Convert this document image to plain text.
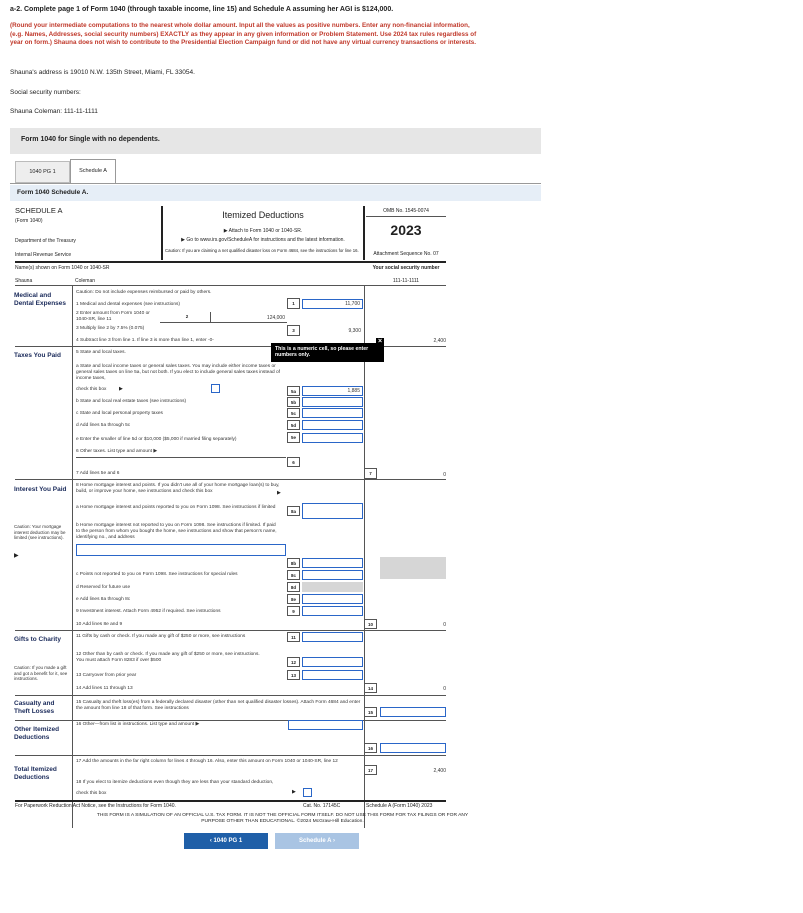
a-2. Complete page 1 of Form 1040 (through taxable income, line 15) and Schedule A assuming her AGI is $124,000.
(Round your intermediate computations to the nearest whole dollar amount. Input all the values as positive numbers. Enter any non-financial information, (e.g. Names, Addresses, social security numbers) EXACTLY as they appear in any given information or Problem Statement. Use 2024 tax rules regardless of year on form.) Shauna does not wish to contribute to the Presidential Election Campaign fund or did not have any virtual currency transactions or interests.
Shauna's address is 19010 N.W. 135th Street, Miami, FL 33054.
Social security numbers:
Shauna Coleman: 111-11-1111
Form 1040 for Single with no dependents.
1040 PG 1	Schedule A
Form 1040 Schedule A.
SCHEDULE A
(Form 1040)
Department of the Treasury
Internal Revenue Service
Itemized Deductions
▶ Attach to Form 1040 or 1040-SR.
▶ Go to www.irs.gov/ScheduleA for instructions and the latest information.
Caution: If you are claiming a net qualified disaster loss on Form 4684, see the instructions for line 16.
OMB No. 1545-0074
2023
Attachment Sequence No. 07
Name(s) shown on Form 1040 or 1040-SR	Your social security number
Shauna	Coleman	111-11-1111
Medical and Dental Expenses
Taxes You Paid
Interest You Paid
Caution: Your mortgage interest deduction may be limited (see instructions).
▶
Gifts to Charity
Caution: If you made a gift and got a benefit for it, see instructions.
Casualty and Theft Losses
Other Itemized Deductions
Total Itemized Deductions
Caution: Do not include expenses reimbursed or paid by others.
1 Medical and dental expenses (see instructions)	1	11,700
2 Enter amount from Form 1040 or 1040-SR, line 11
2	124,000
3 Multiply line 2 by 7.5% (0.075)	3	9,300
4 Subtract line 3 from line 1. If line 3 is more than line 1, enter -0-	2,400
This is a numeric cell, so please enter numbers only.
×
5 State and local taxes.
a State and local income taxes or general sales taxes. You may include either income taxes or general sales taxes on line 5a, but not both. If you elect to include general sales taxes instead of income taxes,
check this box	▶	5a	1,885
b State and local real estate taxes (see instructions)	5b
c State and local personal property taxes	5c
d Add lines 5a through 5c	5d
e Enter the smaller of line 5d or $10,000 ($5,000 if married filing separately)	5e
6 Other taxes. List type and amount ▶
6
7 Add lines 5e and 6	7	0
8 Home mortgage interest and points. If you didn't use all of your home mortgage loan(s) to buy, build, or improve your home, see instructions and check this box	▶
a Home mortgage interest and points reported to you on Form 1098. See instructions if limited
8a
b Home mortgage interest not reported to you on Form 1098. See instructions if limited. If paid to the person from whom you bought the home, see instructions and show that person's name, identifying no., and address
8b
c Points not reported to you on Form 1098. See instructions for special rules	8c
d Reserved for future use	8d
e Add lines 8a through 8c	8e
9 Investment interest. Attach Form 4952 if required. See instructions	9
10 Add lines 8e and 9	10	0
11 Gifts by cash or check. If you made any gift of $250 or more, see instructions	11
12 Other than by cash or check. If you made any gift of $250 or more, see instructions. You must attach Form 8283 if over $500	12
13 Carryover from prior year	13
14 Add lines 11 through 13	14	0
15 Casualty and theft loss(es) from a federally declared disaster (other than net qualified disaster losses). Attach Form 4684 and enter the amount from line 18 of that form. See instructions
15
16 Other—from list in instructions. List type and amount ▶
16
17 Add the amounts in the far right column for lines 4 through 16. Also, enter this amount on Form 1040 or 1040-SR, line 12
17	2,400
18 If you elect to itemize deductions even though they are less than your standard deduction,
check this box	▶
For Paperwork Reduction Act Notice, see the Instructions for Form 1040.	Cat. No. 17145C	Schedule A (Form 1040) 2023
THIS FORM IS A SIMULATION OF AN OFFICIAL U.S. TAX FORM. IT IS NOT THE OFFICIAL FORM ITSELF. DO NOT USE THIS FORM FOR TAX FILINGS OR FOR ANY
PURPOSE OTHER THAN EDUCATIONAL. ©2024 McGraw-Hill Education.
‹ 1040 PG 1	Schedule A ›
